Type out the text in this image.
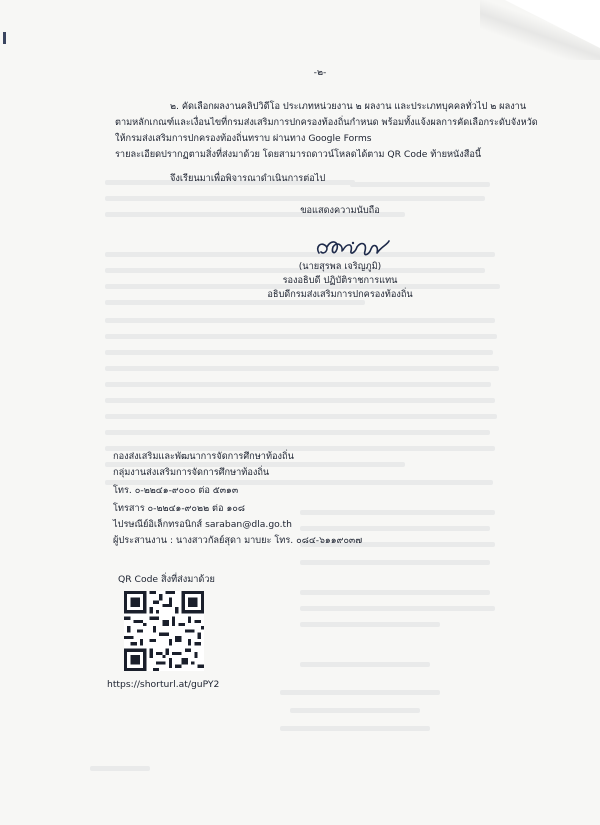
-๒-
๒. คัดเลือกผลงานคลิปวิดีโอ ประเภทหน่วยงาน ๒ ผลงาน และประเภทบุคคลทั่วไป ๒ ผลงาน
ตามหลักเกณฑ์และเงื่อนไขที่กรมส่งเสริมการปกครองท้องถิ่นกำหนด พร้อมทั้งแจ้งผลการคัดเลือกระดับจังหวัด
ให้กรมส่งเสริมการปกครองท้องถิ่นทราบ ผ่านทาง Google Forms
รายละเอียดปรากฏตามสิ่งที่ส่งมาด้วย โดยสามารถดาวน์โหลดได้ตาม QR Code ท้ายหนังสือนี้
จึงเรียนมาเพื่อพิจารณาดำเนินการต่อไป
ขอแสดงความนับถือ
(นายสุรพล เจริญภูมิ)
รองอธิบดี ปฏิบัติราชการแทน
อธิบดีกรมส่งเสริมการปกครองท้องถิ่น
กองส่งเสริมและพัฒนาการจัดการศึกษาท้องถิ่น
กลุ่มงานส่งเสริมการจัดการศึกษาท้องถิ่น
โทร. ๐-๒๒๔๑-๙๐๐๐ ต่อ ๕๓๑๓
โทรสาร ๐-๒๒๔๑-๙๐๒๒ ต่อ ๑๐๘
ไปรษณีย์อิเล็กทรอนิกส์ saraban@dla.go.th
ผู้ประสานงาน : นางสาวกัลย์สุดา มาบยะ โทร. ๐๘๔-๖๑๑๙๐๓๗
QR Code สิ่งที่ส่งมาด้วย
https://shorturl.at/guPY2
